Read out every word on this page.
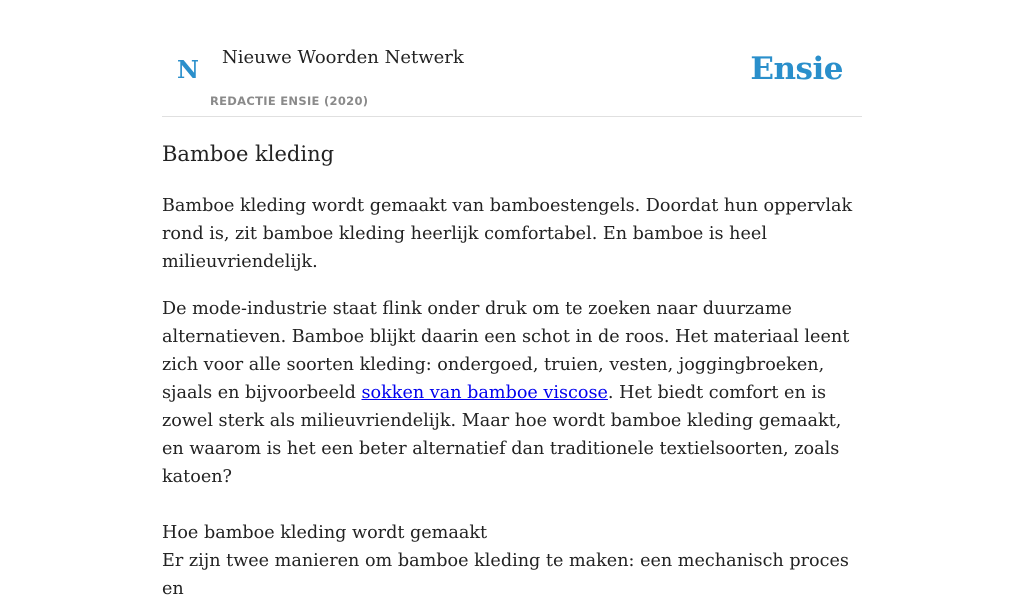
N Nieuwe Woorden Netwerk
REDACTIE ENSIE (2020)
Ensie
Bamboe kleding

Bamboe kleding wordt gemaakt van bamboestengels. Doordat hun oppervlak rond is, zit bamboe kleding heerlijk comfortabel. En bamboe is heel milieuvriendelijk.

De mode-industrie staat flink onder druk om te zoeken naar duurzame alternatieven. Bamboe blijkt daarin een schot in de roos. Het materiaal leent zich voor alle soorten kleding: ondergoed, truien, vesten, joggingbroeken, sjaals en bijvoorbeeld sokken van bamboe viscose. Het biedt comfort en is zowel sterk als milieuvriendelijk. Maar hoe wordt bamboe kleding gemaakt, en waarom is het een beter alternatief dan traditionele textielsoorten, zoals katoen?

Hoe bamboe kleding wordt gemaakt

Er zijn twee manieren om bamboe kleding te maken: een mechanisch proces en
